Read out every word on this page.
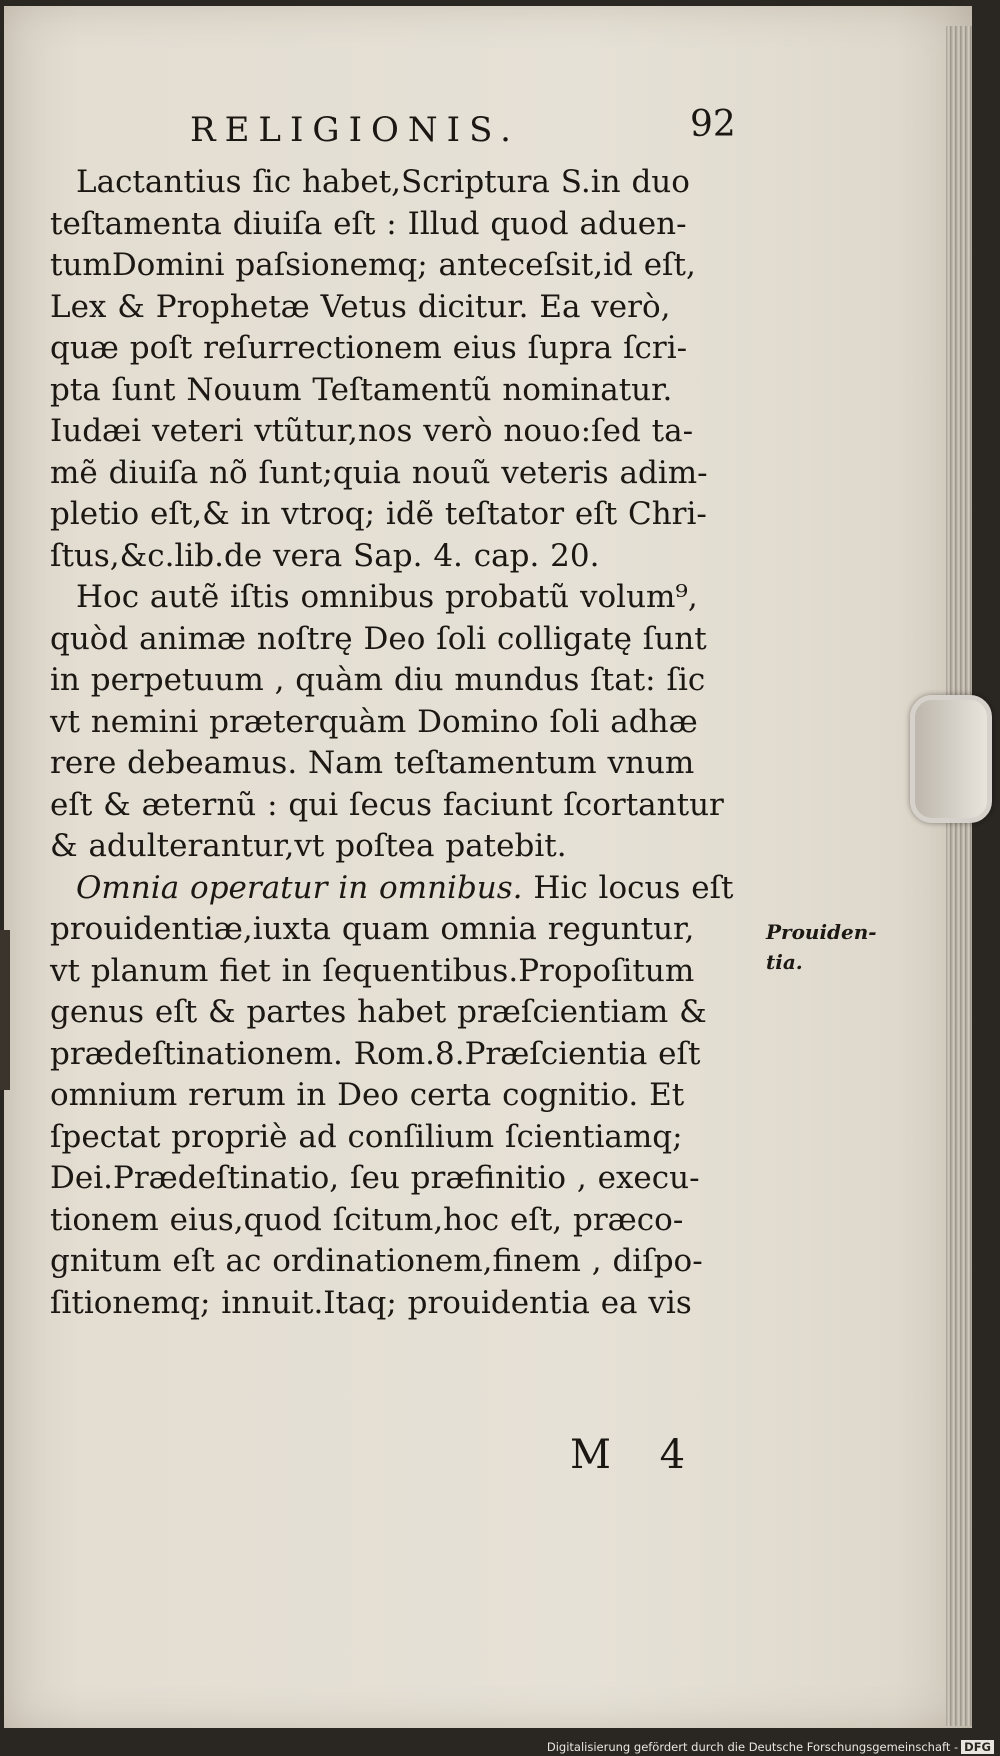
RELIGIONIS.	92
Lactantius ſic habet,Scriptura S.in duo
teſtamenta diuiſa eſt : Illud quod aduen-
tumDomini paſsionemq; anteceſsit,id eſt,
Lex & Prophetæ Vetus dicitur. Ea verò,
quæ poſt reſurrectionem eius ſupra ſcri-
pta ſunt Nouum Teſtamentũ nominatur.
Iudæi veteri vtũtur,nos verò nouo:ſed ta-
mẽ diuiſa nõ ſunt;quia nouũ veteris adim-
pletio eſt,& in vtroq; idẽ teſtator eſt Chri-
ſtus,&c.lib.de vera Sap. 4. cap. 20.
Hoc autẽ iſtis omnibus probatũ volum⁹,
quòd animæ noſtrę Deo ſoli colligatę ſunt
in perpetuum , quàm diu mundus ſtat: ſic
vt nemini præterquàm Domino ſoli adhæ
rere debeamus. Nam teſtamentum vnum
eſt & æternũ : qui ſecus faciunt ſcortantur
& adulterantur,vt poſtea patebit.
Omnia operatur in omnibus. Hic locus eſt
prouidentiæ,iuxta quam omnia reguntur,
vt planum fiet in ſequentibus.Propoſitum
genus eſt & partes habet præſcientiam &
prædeſtinationem. Rom.8.Præſcientia eſt
omnium rerum in Deo certa cognitio. Et
ſpectat propriè ad conſilium ſcientiamq;
Dei.Prædeſtinatio, ſeu præfinitio , execu-
tionem eius,quod ſcitum,hoc eſt, præco-
gnitum eſt ac ordinationem,finem , diſpo-
ſitionemq; innuit.Itaq; prouidentia ea vis
Prouiden-
tia.
M 4
Digitalisierung gefördert durch die Deutsche Forschungsgemeinschaft - DFG
